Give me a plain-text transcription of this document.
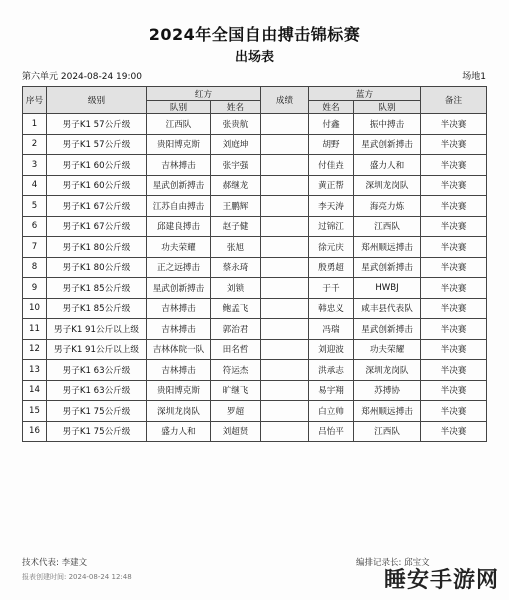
2024年全国自由搏击锦标赛
出场表
第六单元 2024-08-24 19:00	场地1
序号	级别	红方		成绩	蓝方		备注
		队别	姓名		姓名	队别	
1	男子K1 57公斤级	江西队	张贵航		付鑫	振中搏击	半决赛
2	男子K1 57公斤级	贵阳博克斯	刘庭坤		胡野	星武创新搏击	半决赛
3	男子K1 60公斤级	吉林搏击	张宇强		付佳垚	盛力人和	半决赛
4	男子K1 60公斤级	星武创新搏击	郝继龙		黄正帮	深圳龙岗队	半决赛
5	男子K1 67公斤级	江苏自由搏击	王鹏辉		李天涛	海亮力炼	半决赛
6	男子K1 67公斤级	邱建良搏击	赵子健		过锦江	江西队	半决赛
7	男子K1 80公斤级	功夫荣耀	张旭		徐元庆	郑州顺远搏击	半决赛
8	男子K1 80公斤级	正之远搏击	蔡永琦		殷勇超	星武创新搏击	半决赛
9	男子K1 85公斤级	星武创新搏击	刘锁		于千	HWBJ	半决赛
10	男子K1 85公斤级	吉林搏击	鲍孟飞		韩忠义	咸丰县代表队	半决赛
11	男子K1 91公斤以上级	吉林搏击	郭治君		冯瑞	星武创新搏击	半决赛
12	男子K1 91公斤以上级	吉林体院一队	田名哲		刘迎波	功夫荣耀	半决赛
13	男子K1 63公斤级	吉林搏击	符运杰		洪承志	深圳龙岗队	半决赛
14	男子K1 63公斤级	贵阳博克斯	旷继飞		易宇翔	苏搏协	半决赛
15	男子K1 75公斤级	深圳龙岗队	罗超		白立帅	郑州顺远搏击	半决赛
16	男子K1 75公斤级	盛力人和	刘超贤		吕怡平	江西队	半决赛
技术代表: 李建文	编排记录长: 邱宝文
报表创建时间: 2024-08-24 12:48	睡安手游网
